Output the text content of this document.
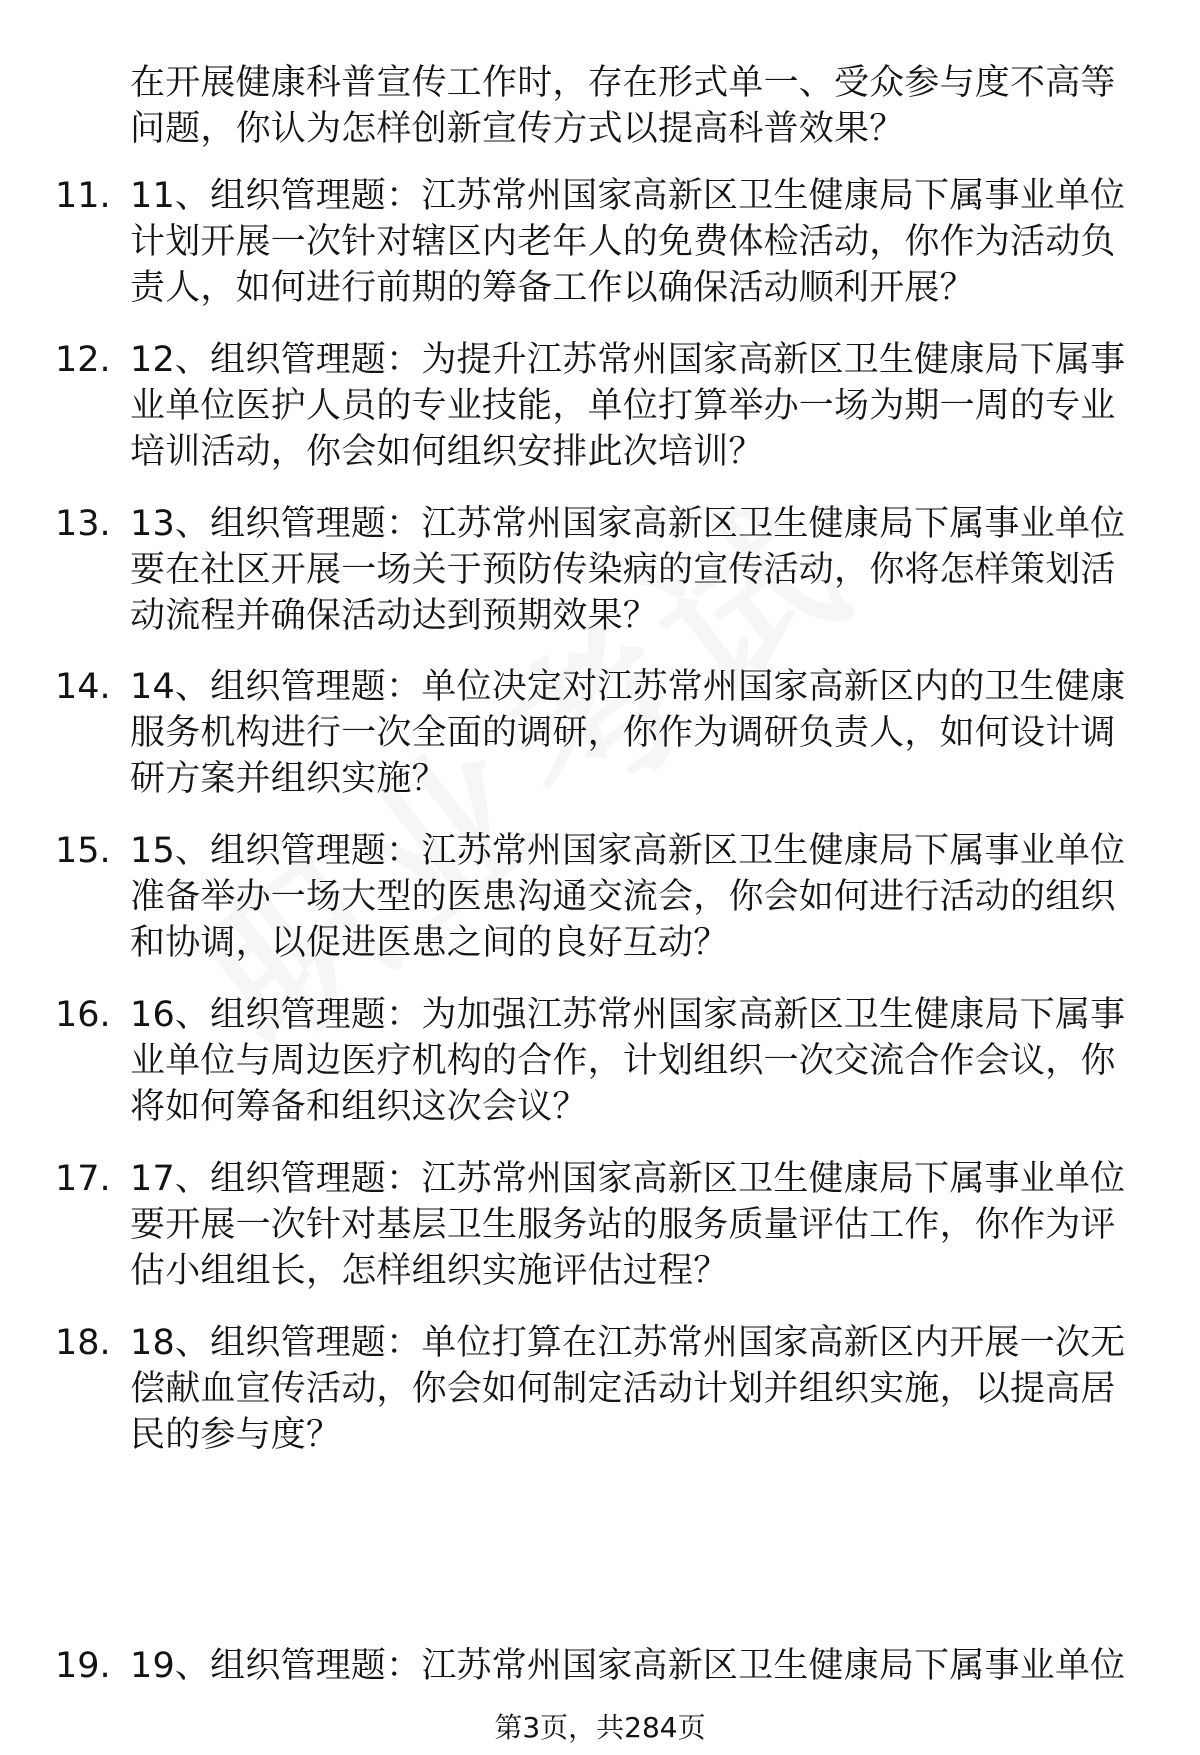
在开展健康科普宣传工作时，存在形式单一、受众参与度不高等
问题，你认为怎样创新宣传方式以提高科普效果？
11. 11、组织管理题：江苏常州国家高新区卫生健康局下属事业单位
计划开展一次针对辖区内老年人的免费体检活动，你作为活动负
责人，如何进行前期的筹备工作以确保活动顺利开展？
12. 12、组织管理题：为提升江苏常州国家高新区卫生健康局下属事
业单位医护人员的专业技能，单位打算举办一场为期一周的专业
培训活动，你会如何组织安排此次培训？
13. 13、组织管理题：江苏常州国家高新区卫生健康局下属事业单位
要在社区开展一场关于预防传染病的宣传活动，你将怎样策划活
动流程并确保活动达到预期效果？
14. 14、组织管理题：单位决定对江苏常州国家高新区内的卫生健康
服务机构进行一次全面的调研，你作为调研负责人，如何设计调
研方案并组织实施？
15. 15、组织管理题：江苏常州国家高新区卫生健康局下属事业单位
准备举办一场大型的医患沟通交流会，你会如何进行活动的组织
和协调，以促进医患之间的良好互动？
16. 16、组织管理题：为加强江苏常州国家高新区卫生健康局下属事
业单位与周边医疗机构的合作，计划组织一次交流合作会议，你
将如何筹备和组织这次会议？
17. 17、组织管理题：江苏常州国家高新区卫生健康局下属事业单位
要开展一次针对基层卫生服务站的服务质量评估工作，你作为评
估小组组长，怎样组织实施评估过程？
18. 18、组织管理题：单位打算在江苏常州国家高新区内开展一次无
偿献血宣传活动，你会如何制定活动计划并组织实施，以提高居
民的参与度？
19. 19、组织管理题：江苏常州国家高新区卫生健康局下属事业单位
第3页，共284页
